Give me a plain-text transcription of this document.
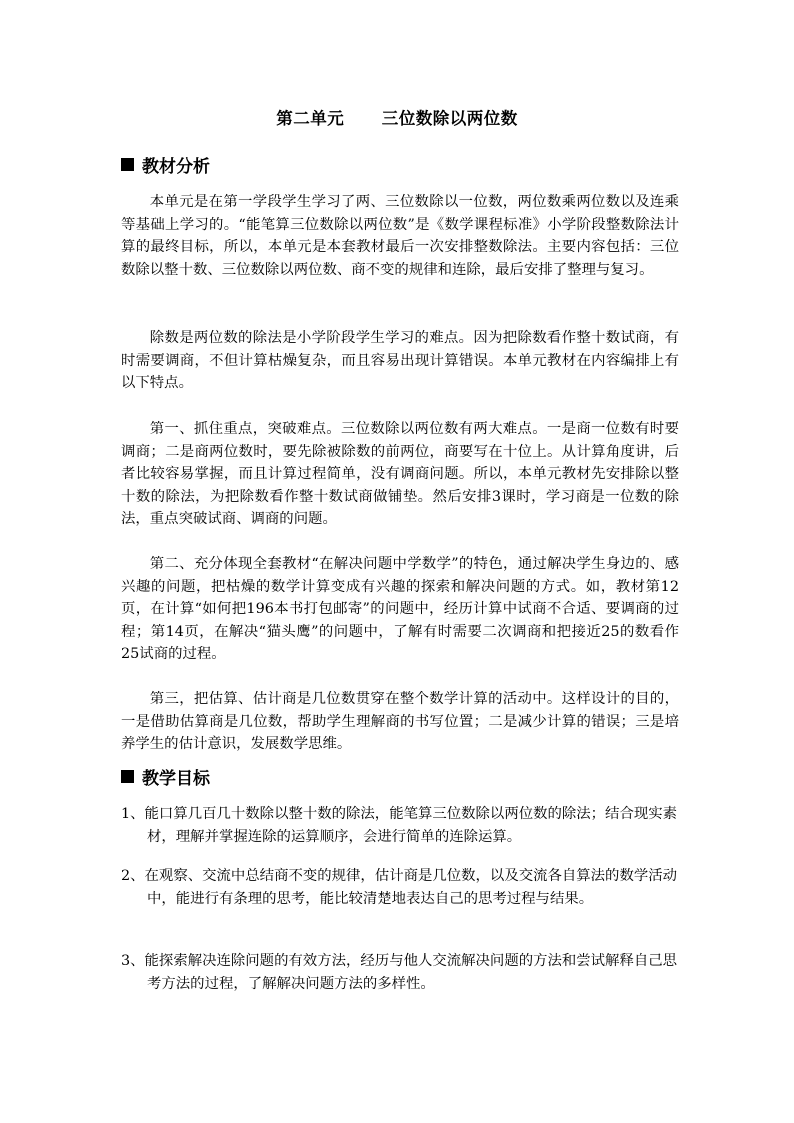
第二单元      三位数除以两位数
教材分析

本单元是在第一学段学生学习了两、三位数除以一位数，两位数乘两位数以及连乘等基础上学习的。“能笔算三位数除以两位数”是《数学课程标准》小学阶段整数除法计算的最终目标，所以，本单元是本套教材最后一次安排整数除法。主要内容包括：三位数除以整十数、三位数除以两位数、商不变的规律和连除，最后安排了整理与复习。

除数是两位数的除法是小学阶段学生学习的难点。因为把除数看作整十数试商，有时需要调商，不但计算枯燥复杂，而且容易出现计算错误。本单元教材在内容编排上有以下特点。

第一、抓住重点，突破难点。三位数除以两位数有两大难点。一是商一位数有时要调商；二是商两位数时，要先除被除数的前两位，商要写在十位上。从计算角度讲，后者比较容易掌握，而且计算过程简单，没有调商问题。所以，本单元教材先安排除以整十数的除法，为把除数看作整十数试商做铺垫。然后安排3课时，学习商是一位数的除法，重点突破试商、调商的问题。

第二、充分体现全套教材“在解决问题中学数学”的特色，通过解决学生身边的、感兴趣的问题，把枯燥的数学计算变成有兴趣的探索和解决问题的方式。如，教材第12页，在计算“如何把196本书打包邮寄”的问题中，经历计算中试商不合适、要调商的过程；第14页，在解决“猫头鹰”的问题中，了解有时需要二次调商和把接近25的数看作25试商的过程。

第三，把估算、估计商是几位数贯穿在整个数学计算的活动中。这样设计的目的，一是借助估算商是几位数，帮助学生理解商的书写位置；二是减少计算的错误；三是培养学生的估计意识，发展数学思维。

教学目标

1、能口算几百几十数除以整十数的除法，能笔算三位数除以两位数的除法；结合现实素材，理解并掌握连除的运算顺序，会进行简单的连除运算。

2、在观察、交流中总结商不变的规律，估计商是几位数，以及交流各自算法的数学活动中，能进行有条理的思考，能比较清楚地表达自己的思考过程与结果。

3、能探索解决连除问题的有效方法，经历与他人交流解决问题的方法和尝试解释自己思考方法的过程，了解解决问题方法的多样性。
